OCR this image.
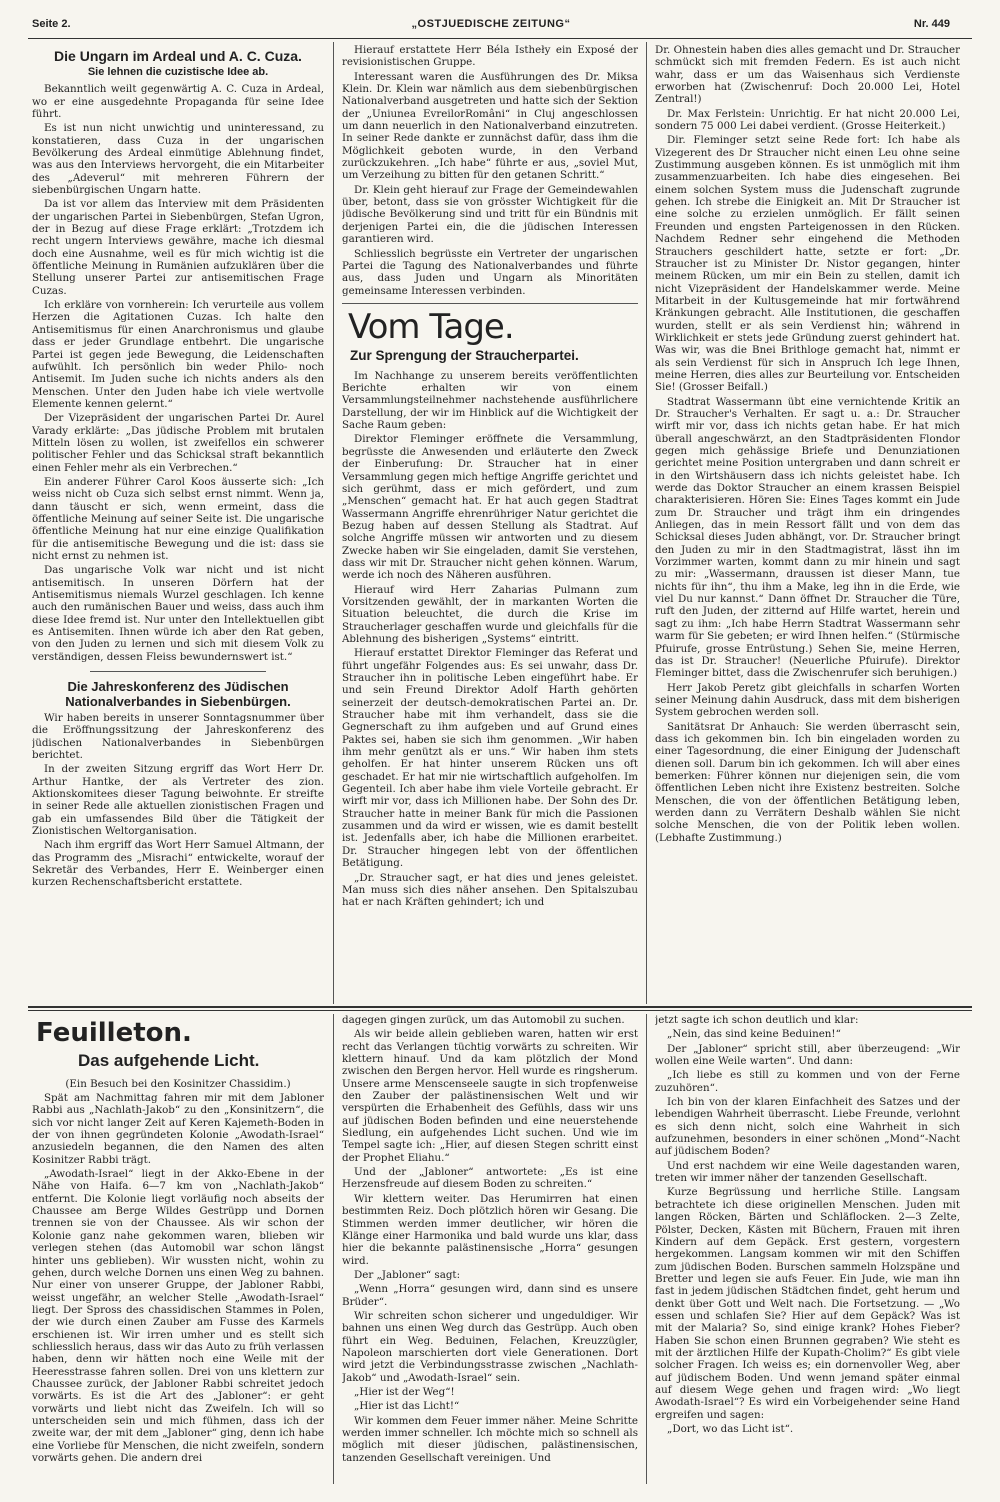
Seite 2.	„OSTJUEDISCHE ZEITUNG“	Nr. 449
Die Ungarn im Ardeal und A. C. Cuza.
Sie lehnen die cuzistische Idee ab.

Bekanntlich weilt gegenwärtig A. C. Cuza in Ardeal, wo er eine ausgedehnte Propaganda für seine Idee führt.

Es ist nun nicht unwichtig und uninteressand, zu konstatieren, dass Cuza in der ungarischen Bevölkerung des Ardeal einmütige Ablehnung findet, was aus den Interviews hervorgeht, die ein Mitarbeiter des „Adeverul“ mit mehreren Führern der siebenbürgischen Ungarn hatte.

Da ist vor allem das Interview mit dem Präsidenten der ungarischen Partei in Siebenbürgen, Stefan Ugron, der in Bezug auf diese Frage erklärt: „Trotzdem ich recht ungern Interviews gewähre, mache ich diesmal doch eine Ausnahme, weil es für mich wichtig ist die öffentliche Meinung in Rumänien aufzuklären über die Stellung unserer Partei zur antisemitischen Frage Cuzas.

Ich erkläre von vornherein: Ich verurteile aus vollem Herzen die Agitationen Cuzas. Ich halte den Antisemitismus für einen Anarchronismus und glaube dass er jeder Grundlage entbehrt. Die ungarische Partei ist gegen jede Bewegung, die Leidenschaften aufwühlt. Ich persönlich bin weder Philo- noch Antisemit. Im Juden suche ich nichts anders als den Menschen. Unter den Juden habe ich viele wertvolle Elemente kennen gelernt.“

Der Vizepräsident der ungarischen Partei Dr. Aurel Varady erklärte: „Das jüdische Problem mit brutalen Mitteln lösen zu wollen, ist zweifellos ein schwerer politischer Fehler und das Schicksal straft bekanntlich einen Fehler mehr als ein Verbrechen.“

Ein anderer Führer Carol Koos äusserte sich: „Ich weiss nicht ob Cuza sich selbst ernst nimmt. Wenn ja, dann täuscht er sich, wenn ermeint, dass die öffentliche Meinung auf seiner Seite ist. Die ungarische öffentliche Meinung hat nur eine einzige Qualifikation für die antisemitische Bewegung und die ist: dass sie nicht ernst zu nehmen ist.

Das ungarische Volk war nicht und ist nicht antisemitisch. In unseren Dörfern hat der Antisemitismus niemals Wurzel geschlagen. Ich kenne auch den rumänischen Bauer und weiss, dass auch ihm diese Idee fremd ist. Nur unter den Intellektuellen gibt es Antisemiten. Ihnen würde ich aber den Rat geben, von den Juden zu lernen und sich mit diesem Volk zu verständigen, dessen Fleiss bewundernswert ist.“

Die Jahreskonferenz des Jüdischen Nationalverbandes in Siebenbürgen.

Wir haben bereits in unserer Sonntagsnummer über die Eröffnungssitzung der Jahreskonferenz des jüdischen Nationalverbandes in Siebenbürgen berichtet.

In der zweiten Sitzung ergriff das Wort Herr Dr. Arthur Hantke, der als Vertreter des zion. Aktionskomitees dieser Tagung beiwohnte. Er streifte in seiner Rede alle aktuellen zionistischen Fragen und gab ein umfassendes Bild über die Tätigkeit der Zionistischen Weltorganisation.

Nach ihm ergriff das Wort Herr Samuel Altmann, der das Programm des „Misrachi“ entwickelte, worauf der Sekretär des Verbandes, Herr E. Weinberger einen kurzen Rechenschaftsbericht erstattete.

Hierauf erstattete Herr Béla Istheły ein Exposé der revisionistischen Gruppe.

Interessant waren die Ausführungen des Dr. Miksa Klein. Dr. Klein war nämlich aus dem siebenbürgischen Nationalverband ausgetreten und hatte sich der Sektion der „Uniunea EvreilorRomâni“ in Cluj angeschlossen um dann neuerlich in den Nationalverband einzutreten. In seiner Rede dankte er zunnächst dafür, dass ihm die Möglichkeit geboten wurde, in den Verband zurückzukehren. „Ich habe“ führte er aus, „soviel Mut, um Verzeihung zu bitten für den getanen Schritt.“

Dr. Klein geht hierauf zur Frage der Gemeindewahlen über, betont, dass sie von grösster Wichtigkeit für die jüdische Bevölkerung sind und tritt für ein Bündnis mit derjenigen Partei ein, die die jüdischen Interessen garantieren wird.

Schliesslich begrüsste ein Vertreter der ungarischen Partei die Tagung des Nationalverbandes und führte aus, dass Juden und Ungarn als Minoritäten gemeinsame Interessen verbinden.

Vom Tage.
Zur Sprengung der Straucherpartei.

Im Nachhange zu unserem bereits veröffentlichten Berichte erhalten wir von einem Versammlungsteilnehmer nachstehende ausführlichere Darstellung, der wir im Hinblick auf die Wichtigkeit der Sache Raum geben:

Direktor Fleminger eröffnete die Versammlung, begrüsste die Anwesenden und erläuterte den Zweck der Einberufung: Dr. Straucher hat in einer Versammlung gegen mich heftige Angriffe gerichtet und sich gerühmt, dass er mich gefördert, und zum „Menschen“ gemacht hat. Er hat auch gegen Stadtrat Wassermann Angriffe ehrenrühriger Natur gerichtet die Bezug haben auf dessen Stellung als Stadtrat. Auf solche Angriffe müssen wir antworten und zu diesem Zwecke haben wir Sie eingeladen, damit Sie verstehen, dass wir mit Dr. Straucher nicht gehen können. Warum, werde ich noch des Näheren ausführen.

Hierauf wird Herr Zaharias Pulmann zum Vorsitzenden gewählt, der in markanten Worten die Situation beleuchtet, die durch die Krise im Straucherlager geschaffen wurde und gleichfalls für die Ablehnung des bisherigen „Systems“ eintritt.

Hierauf erstattet Direktor Fleminger das Referat und führt ungefähr Folgendes aus: Es sei unwahr, dass Dr. Straucher ihn in politische Leben eingeführt habe. Er und sein Freund Direktor Adolf Harth gehörten seinerzeit der deutsch-demokratischen Partei an. Dr. Straucher habe mit ihm verhandelt, dass sie die Gegnerschaft zu ihm aufgeben und auf Grund eines Paktes sei, haben sie sich ihm genommen. „Wir haben ihm mehr genützt als er uns.“ Wir haben ihm stets geholfen. Er hat hinter unserem Rücken uns oft geschadet. Er hat mir nie wirtschaftlich aufgeholfen. Im Gegenteil. Ich aber habe ihm viele Vorteile gebracht. Er wirft mir vor, dass ich Millionen habe. Der Sohn des Dr. Straucher hatte in meiner Bank für mich die Passionen zusammen und da wird er wissen, wie es damit bestellt ist. Jedenfalls aber, ich habe die Millionen erarbeitet. Dr. Straucher hingegen lebt von der öffentlichen Betätigung.

„Dr. Straucher sagt, er hat dies und jenes geleistet. Man muss sich dies näher ansehen. Den Spitalszubau hat er nach Kräften gehindert; ich und

Dr. Ohnestein haben dies alles gemacht und Dr. Straucher schmückt sich mit fremden Federn. Es ist auch nicht wahr, dass er um das Waisenhaus sich Verdienste erworben hat (Zwischenruf: Doch 20.000 Lei, Hotel Zentral!)

Dr. Max Ferlstein: Unrichtig. Er hat nicht 20.000 Lei, sondern 75 000 Lei dabei verdient. (Grosse Heiterkeit.)

Dir. Fleminger setzt seine Rede fort: Ich habe als Vizegerent des Dr Straucher nicht einen Leu ohne seine Zustimmung ausgeben können. Es ist unmöglich mit ihm zusammenzuarbeiten. Ich habe dies eingesehen. Bei einem solchen System muss die Judenschaft zugrunde gehen. Ich strebe die Einigkeit an. Mit Dr Straucher ist eine solche zu erzielen unmöglich. Er fällt seinen Freunden und engsten Parteigenossen in den Rücken. Nachdem Redner sehr eingehend die Methoden Strauchers geschildert hatte, setzte er fort: „Dr. Straucher ist zu Minister Dr. Nistor gegangen, hinter meinem Rücken, um mir ein Bein zu stellen, damit ich nicht Vizepräsident der Handelskammer werde. Meine Mitarbeit in der Kultusgemeinde hat mir fortwährend Kränkungen gebracht. Alle Institutionen, die geschaffen wurden, stellt er als sein Verdienst hin; während in Wirklichkeit er stets jede Gründung zuerst gehindert hat. Was wir, was die Bnei Brithloge gemacht hat, nimmt er als sein Verdienst für sich in Anspruch Ich lege Ihnen, meine Herren, dies alles zur Beurteilung vor. Entscheiden Sie! (Grosser Beifall.)

Stadtrat Wassermann übt eine vernichtende Kritik an Dr. Straucher's Verhalten. Er sagt u. a.: Dr. Straucher wirft mir vor, dass ich nichts getan habe. Er hat mich überall angeschwärzt, an den Stadtpräsidenten Flondor gegen mich gehässige Briefe und Denunziationen gerichtet meine Position untergraben und dann schreit er in den Wirtshäusern dass ich nichts geleistet habe. Ich werde das Doktor Straucher an einem krassen Beispiel charakterisieren. Hören Sie: Eines Tages kommt ein Jude zum Dr. Straucher und trägt ihm ein dringendes Anliegen, das in mein Ressort fällt und von dem das Schicksal dieses Juden abhängt, vor. Dr. Straucher bringt den Juden zu mir in den Stadtmagistrat, lässt ihn im Vorzimmer warten, kommt dann zu mir hinein und sagt zu mir: „Wassermann, draussen ist dieser Mann, tue nichts für ihn“, thu ihm a Make, leg ihn in die Erde, wie viel Du nur kannst.“ Dann öffnet Dr. Straucher die Türe, ruft den Juden, der zitternd auf Hilfe wartet, herein und sagt zu ihm: „Ich habe Herrn Stadtrat Wassermann sehr warm für Sie gebeten; er wird Ihnen helfen.“ (Stürmische Pfuirufe, grosse Entrüstung.) Sehen Sie, meine Herren, das ist Dr. Straucher! (Neuerliche Pfuirufe). Direktor Fleminger bittet, dass die Zwischenrufer sich beruhigen.)

Herr Jakob Peretz gibt gleichfalls in scharfen Worten seiner Meinung dahin Ausdruck, dass mit dem bisherigen System gebrochen werden soll.

Sanitätsrat Dr Anhauch: Sie werden überrascht sein, dass ich gekommen bin. Ich bin eingeladen worden zu einer Tagesordnung, die einer Einigung der Judenschaft dienen soll. Darum bin ich gekommen. Ich will aber eines bemerken: Führer können nur diejenigen sein, die vom öffentlichen Leben nicht ihre Existenz bestreiten. Solche Menschen, die von der öffentlichen Betätigung leben, werden dann zu Verrätern Deshalb wählen Sie nicht solche Menschen, die von der Politik leben wollen. (Lebhafte Zustimmung.)

Feuilleton.
Das aufgehende Licht.

(Ein Besuch bei den Kosinitzer Chassidim.)

Spät am Nachmittag fahren mir mit dem Jabloner Rabbi aus „Nachlath-Jakob“ zu den „Konsinitzern“, die sich vor nicht langer Zeit auf Keren Kajemeth-Boden in der von ihnen gegründeten Kolonie „Awodath-Israel“ anzusiedeln begannen, die den Namen des alten Kosinitzer Rabbi trägt.

„Awodath-Israel“ liegt in der Akko-Ebene in der Nähe von Haifa. 6—7 km von „Nachlath-Jakob“ entfernt. Die Kolonie liegt vorläufig noch abseits der Chaussee am Berge Wildes Gestrüpp und Dornen trennen sie von der Chaussee. Als wir schon der Kolonie ganz nahe gekommen waren, blieben wir verlegen stehen (das Automobil war schon längst hinter uns geblieben). Wir wussten nicht, wohin zu gehen, durch welche Dornen uns einen Weg zu bahnen. Nur einer von unserer Gruppe, der Jabloner Rabbi, weisst ungefähr, an welcher Stelle „Awodath-Israel“ liegt. Der Spross des chassidischen Stammes in Polen, der wie durch einen Zauber am Fusse des Karmels erschienen ist. Wir irren umher und es stellt sich schliesslich heraus, dass wir das Auto zu früh verlassen haben, denn wir hätten noch eine Weile mit der Heeresstrasse fahren sollen. Drei von uns klettern zur Chaussee zurück, der Jabloner Rabbi schreitet jedoch vorwärts. Es ist die Art des „Jabloner“: er geht vorwärts und liebt nicht das Zweifeln. Ich will so unterscheiden sein und mich fühmen, dass ich der zweite war, der mit dem „Jabloner“ ging, denn ich habe eine Vorliebe für Menschen, die nicht zweifeln, sondern vorwärts gehen. Die andern drei

dagegen gingen zurück, um das Automobil zu suchen.

Als wir beide allein geblieben waren, hatten wir erst recht das Verlangen tüchtig vorwärts zu schreiten. Wir klettern hinauf. Und da kam plötzlich der Mond zwischen den Bergen hervor. Hell wurde es ringsherum. Unsere arme Menscenseele saugte in sich tropfenweise den Zauber der palästinensischen Welt und wir verspürten die Erhabenheit des Gefühls, dass wir uns auf jüdischen Boden befinden und eine neuerstehende Siedlung, ein aufgehendes Licht suchen. Und wie im Tempel sagte ich: „Hier, auf diesen Stegen schritt einst der Prophet Eliahu.“

Und der „Jabloner“ antwortete: „Es ist eine Herzensfreude auf diesem Boden zu schreiten.“

Wir klettern weiter. Das Herumirren hat einen bestimmten Reiz. Doch plötzlich hören wir Gesang. Die Stimmen werden immer deutlicher, wir hören die Klänge einer Harmonika und bald wurde uns klar, dass hier die bekannte palästinensische „Horra“ gesungen wird.

Der „Jabloner“ sagt:

„Wenn „Horra“ gesungen wird, dann sind es unsere Brüder“.

Wir schreiten schon sicherer und ungeduldiger. Wir bahnen uns einen Weg durch das Gestrüpp. Auch oben führt ein Weg. Beduinen, Felachen, Kreuzzügler, Napoleon marschierten dort viele Generationen. Dort wird jetzt die Verbindungsstrasse zwischen „Nachlath-Jakob“ und „Awodath-Israel“ sein.

„Hier ist der Weg“!

„Hier ist das Licht!“

Wir kommen dem Feuer immer näher. Meine Schritte werden immer schneller. Ich möchte mich so schnell als möglich mit dieser jüdischen, palästinensischen, tanzenden Gesellschaft vereinigen. Und

jetzt sagte ich schon deutlich und klar:

„Nein, das sind keine Beduinen!“

Der „Jabloner“ spricht still, aber überzeugend: „Wir wollen eine Weile warten“. Und dann:

„Ich liebe es still zu kommen und von der Ferne zuzuhören“.

Ich bin von der klaren Einfachheit des Satzes und der lebendigen Wahrheit überrascht. Liebe Freunde, verlohnt es sich denn nicht, solch eine Wahrheit in sich aufzunehmen, besonders in einer schönen „Mond“-Nacht auf jüdischem Boden?

Und erst nachdem wir eine Weile dagestanden waren, treten wir immer näher der tanzenden Gesellschaft.

Kurze Begrüssung und herrliche Stille. Langsam betrachtete ich diese originellen Menschen. Juden mit langen Röcken, Bärten und Schläflocken. 2—3 Zelte, Pölster, Decken, Kästen mit Büchern, Frauen mit ihren Kindern auf dem Gepäck. Erst gestern, vorgestern hergekommen. Langsam kommen wir mit den Schiffen zum jüdischen Boden. Burschen sammeln Holzspäne und Bretter und legen sie aufs Feuer. Ein Jude, wie man ihn fast in jedem jüdischen Städtchen findet, geht herum und denkt über Gott und Welt nach. Die Fortsetzung. — „Wo essen und schlafen Sie? Hier auf dem Gepäck? Was ist mit der Malaria? So, sind einige krank? Hohes Fieber? Haben Sie schon einen Brunnen gegraben? Wie steht es mit der ärztlichen Hilfe der Kupath-Cholim?“ Es gibt viele solcher Fragen. Ich weiss es; ein dornenvoller Weg, aber auf jüdischem Boden. Und wenn jemand später einmal auf diesem Wege gehen und fragen wird: „Wo liegt Awodath-Israel“? Es wird ein Vorbeigehender seine Hand ergreifen und sagen:

„Dort, wo das Licht ist“.
